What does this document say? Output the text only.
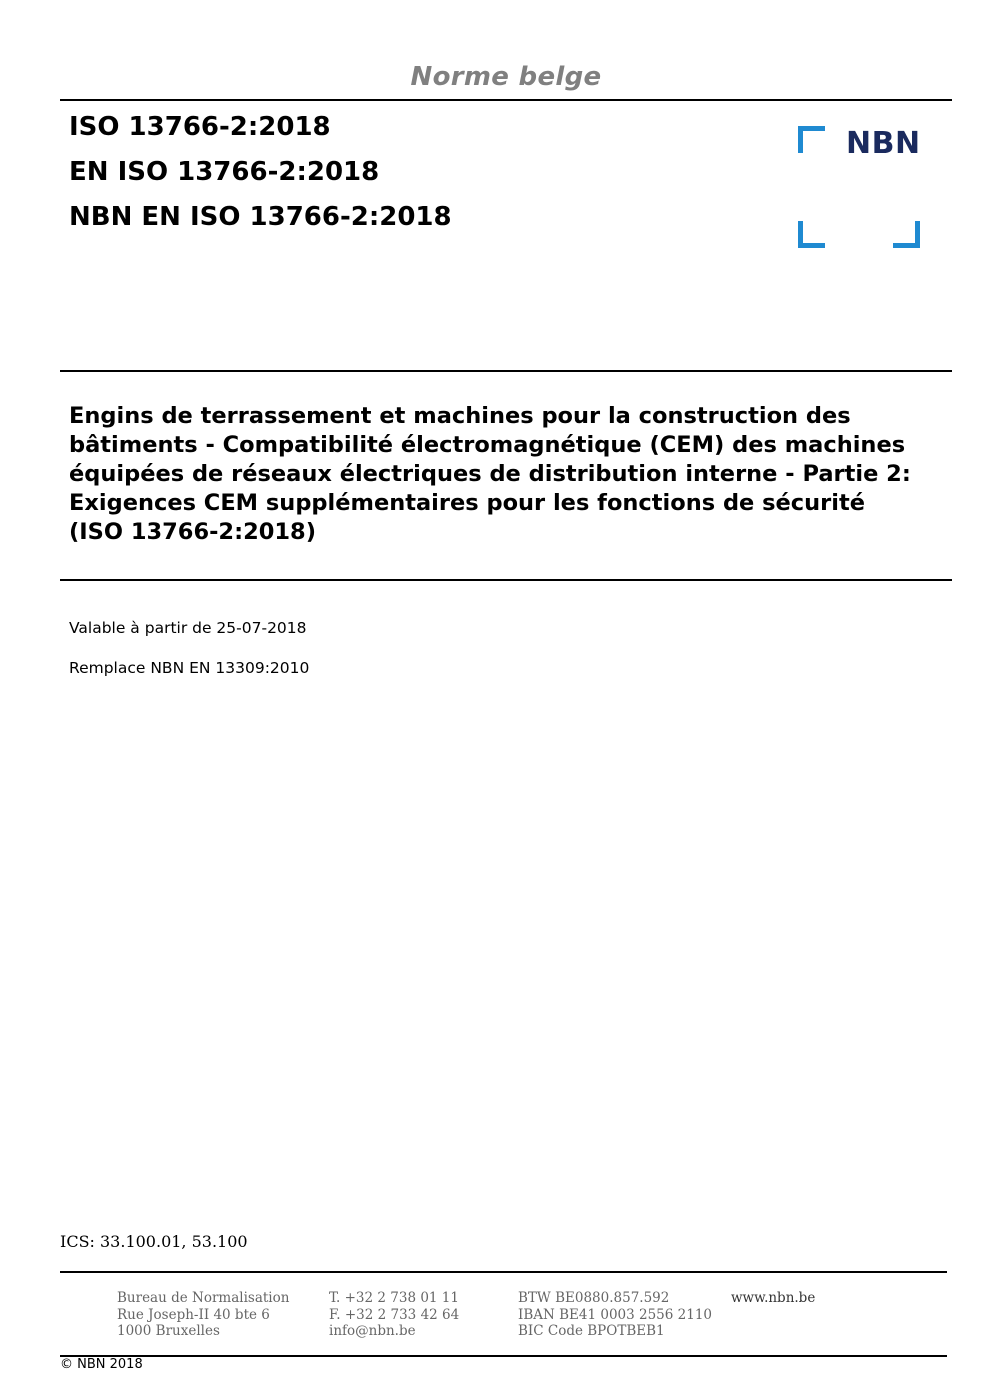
Norme belge
ISO 13766-2:2018
EN ISO 13766-2:2018
NBN EN ISO 13766-2:2018
NBN
Engins de terrassement et machines pour la construction des
bâtiments - Compatibilité électromagnétique (CEM) des machines
équipées de réseaux électriques de distribution interne - Partie 2:
Exigences CEM supplémentaires pour les fonctions de sécurité
(ISO 13766-2:2018)
Valable à partir de 25-07-2018
Remplace NBN EN 13309:2010
ICS: 33.100.01, 53.100
Bureau de Normalisation
Rue Joseph-II 40 bte 6
1000 Bruxelles
T. +32 2 738 01 11
F. +32 2 733 42 64
info@nbn.be
BTW BE0880.857.592
IBAN BE41 0003 2556 2110
BIC Code BPOTBEB1
www.nbn.be
© NBN 2018
